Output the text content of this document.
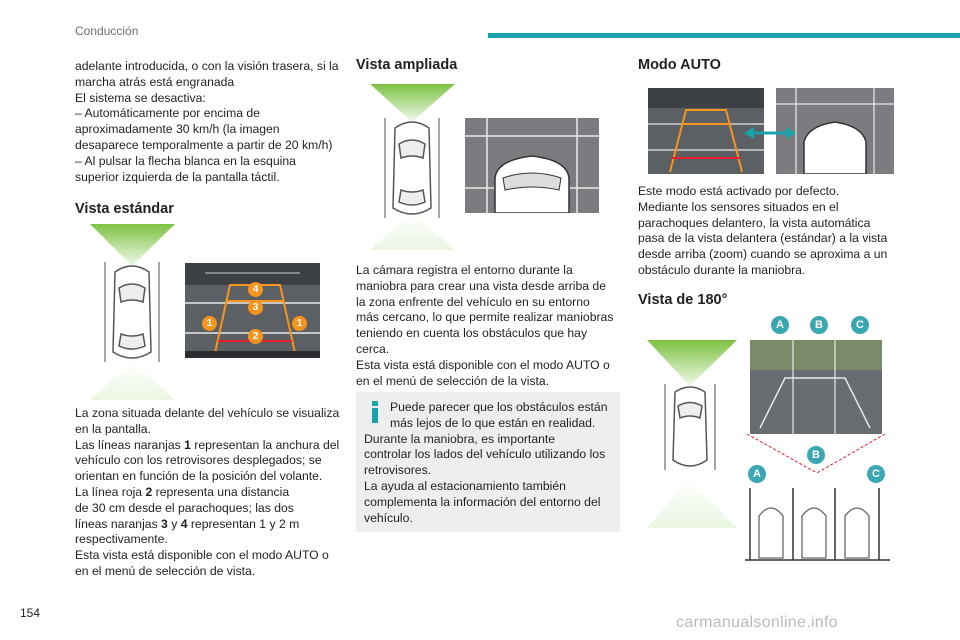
Conducción

adelante introducida, o con la visión trasera, si la

marcha atrás está engranada

El sistema se desactiva:

– Automáticamente por encima de

aproximadamente 30 km/h (la imagen

desaparece temporalmente a partir de 20 km/h)

– Al pulsar la flecha blanca en la esquina

superior izquierda de la pantalla táctil.

Vista estándar
4
3
1	1
2

La zona situada delante del vehículo se visualiza

en la pantalla.

Las líneas naranjas 1 representan la anchura del

vehículo con los retrovisores desplegados; se

orientan en función de la posición del volante.

La línea roja 2 representa una distancia

de 30 cm desde el parachoques; las dos

líneas naranjas 3 y 4 representan 1 y 2 m

respectivamente.

Esta vista está disponible con el modo AUTO o

en el menú de selección de vista.

Vista ampliada

La cámara registra el entorno durante la

maniobra para crear una vista desde arriba de

la zona enfrente del vehículo en su entorno

más cercano, lo que permite realizar maniobras

teniendo en cuenta los obstáculos que hay

cerca.

Esta vista está disponible con el modo AUTO o

en el menú de selección de la vista.

Puede parecer que los obstáculos están
más lejos de lo que están en realidad.
Durante la maniobra, es importante
controlar los lados del vehículo utilizando los
retrovisores.
La ayuda al estacionamiento también
complementa la información del entorno del
vehículo.
Modo AUTO

Este modo está activado por defecto.

Mediante los sensores situados en el

parachoques delantero, la vista automática

pasa de la vista delantera (estándar) a la vista

desde arriba (zoom) cuando se aproxima a un

obstáculo durante la maniobra.

Vista de 180°
A	B	C
B
A	C
154
carmanualsonline.info
